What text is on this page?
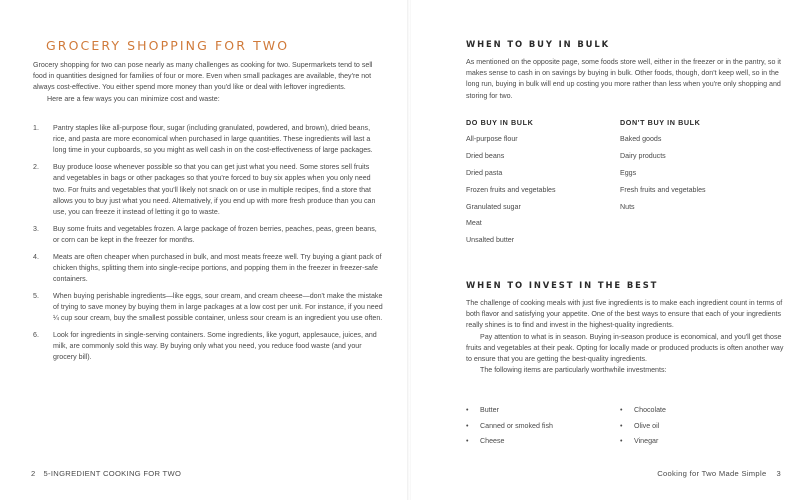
GROCERY SHOPPING FOR TWO
Grocery shopping for two can pose nearly as many challenges as cooking for two. Supermarkets tend to sell food in quantities designed for families of four or more. Even when small packages are available, they're not always cost-effective. You either spend more money than you'd like or deal with leftover ingredients.
Here are a few ways you can minimize cost and waste:
1.	Pantry staples like all-purpose flour, sugar (including granulated, powdered, and brown), dried beans, rice, and pasta are more economical when purchased in large quantities. These ingredients will last a long time in your cupboards, so you might as well cash in on the cost-effectiveness of large packages.
2.	Buy produce loose whenever possible so that you can get just what you need. Some stores sell fruits and vegetables in bags or other packages so that you're forced to buy six apples when you only need two. For fruits and vegetables that you'll likely not snack on or use in multiple recipes, find a store that allows you to buy just what you need. Alternatively, if you end up with more fresh produce than you can use, you can freeze it instead of letting it go to waste.
3.	Buy some fruits and vegetables frozen. A large package of frozen berries, peaches, peas, green beans, or corn can be kept in the freezer for months.
4.	Meats are often cheaper when purchased in bulk, and most meats freeze well. Try buying a giant pack of chicken thighs, splitting them into single-recipe portions, and popping them in the freezer in freezer-safe containers.
5.	When buying perishable ingredients—like eggs, sour cream, and cream cheese—don't make the mistake of trying to save money by buying them in large packages at a low cost per unit. For instance, if you need ¼ cup sour cream, buy the smallest possible container, unless sour cream is an ingredient you use often.
6.	Look for ingredients in single-serving containers. Some ingredients, like yogurt, applesauce, juices, and milk, are commonly sold this way. By buying only what you need, you reduce food waste (and your grocery bill).
2 5-INGREDIENT COOKING FOR TWO
WHEN TO BUY IN BULK

As mentioned on the opposite page, some foods store well, either in the freezer or in the pantry, so it makes sense to cash in on savings by buying in bulk. Other foods, though, don't keep well, so in the long run, buying in bulk will end up costing you more rather than less when you're only shopping and storing for two.

DO BUY IN BULK
All-purpose flour
Dried beans
Dried pasta
Frozen fruits and vegetables
Granulated sugar
Meat
Unsalted butter
DON'T BUY IN BULK
Baked goods
Dairy products
Eggs
Fresh fruits and vegetables
Nuts
WHEN TO INVEST IN THE BEST
The challenge of cooking meals with just five ingredients is to make each ingredient count in terms of both flavor and satisfying your appetite. One of the best ways to ensure that each of your ingredients really shines is to find and invest in the highest-quality ingredients.
Pay attention to what is in season. Buying in-season produce is economical, and you'll get those fruits and vegetables at their peak. Opting for locally made or produced products is often another way to ensure that you are getting the best-quality ingredients.
The following items are particularly worthwhile investments:
•	Butter
•	Canned or smoked fish
•	Cheese
•	Chocolate
•	Olive oil
•	Vinegar
Cooking for Two Made Simple 3
